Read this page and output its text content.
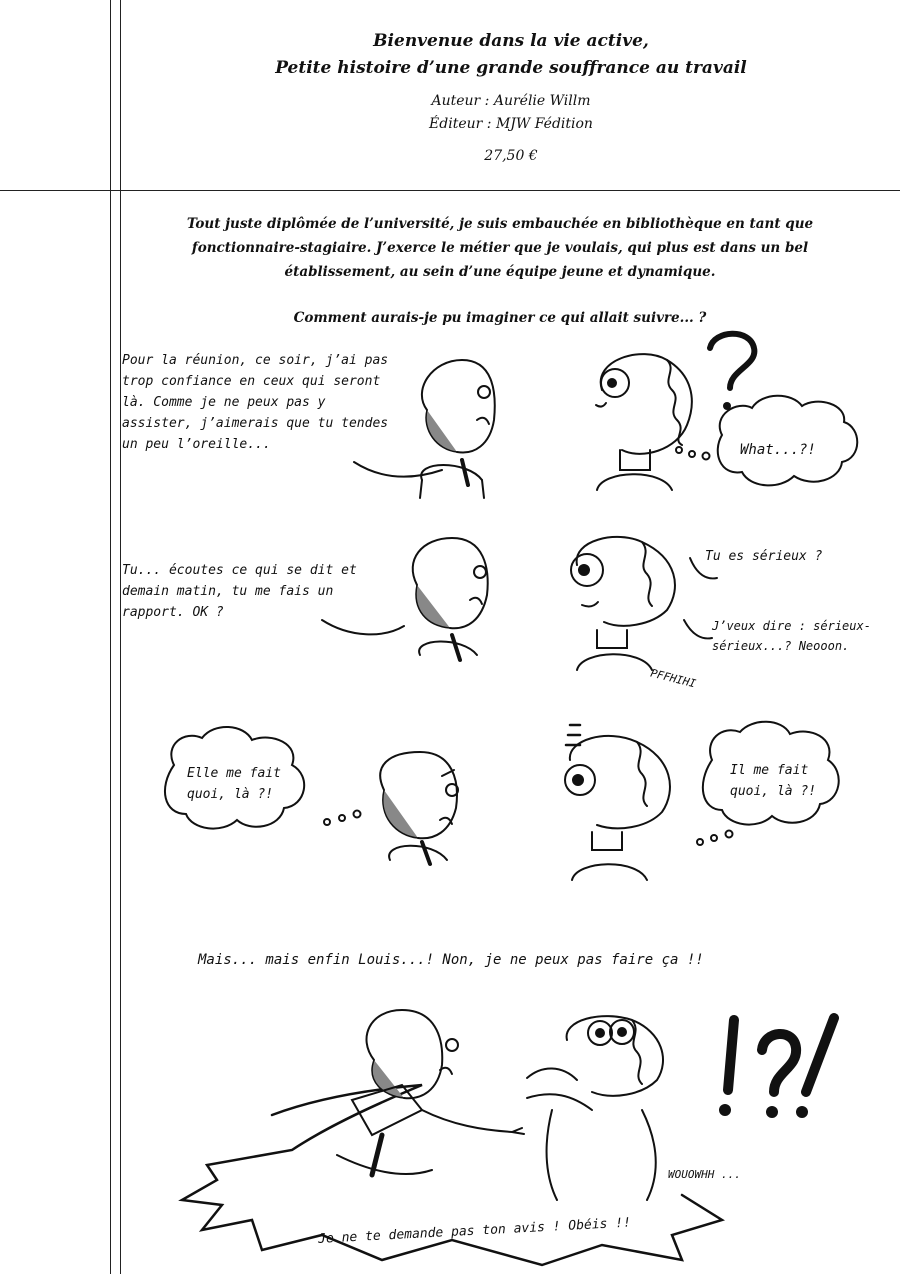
Bienvenue dans la vie active,
Petite histoire d’une grande souffrance au travail
Auteur : Aurélie Willm
Éditeur : MJW Fédition
27,50 €
Tout juste diplômée de l’université, je suis embauchée en bibliothèque en tant que fonctionnaire-stagiaire. J’exerce le métier que je voulais, qui plus est dans un bel établissement, au sein d’une équipe jeune et dynamique.
Comment aurais-je pu imaginer ce qui allait suivre... ?
Pour la réunion, ce soir, j’ai pas trop confiance en ceux qui seront là. Comme je ne peux pas y assister, j’aimerais que tu tendes un peu l’oreille...	What...?!
Tu... écoutes ce qui se dit et demain matin, tu me fais un rapport. OK ?
Tu es sérieux ?
J’veux dire : sérieux-sérieux...? Neooon.
PFFHIHI
Elle me fait quoi, là ?!
Il me fait quoi, là ?!
Mais... mais enfin Louis...! Non, je ne peux pas faire ça !!
WOUOWHH ...
Je ne te demande pas ton avis ! Obéis !!
